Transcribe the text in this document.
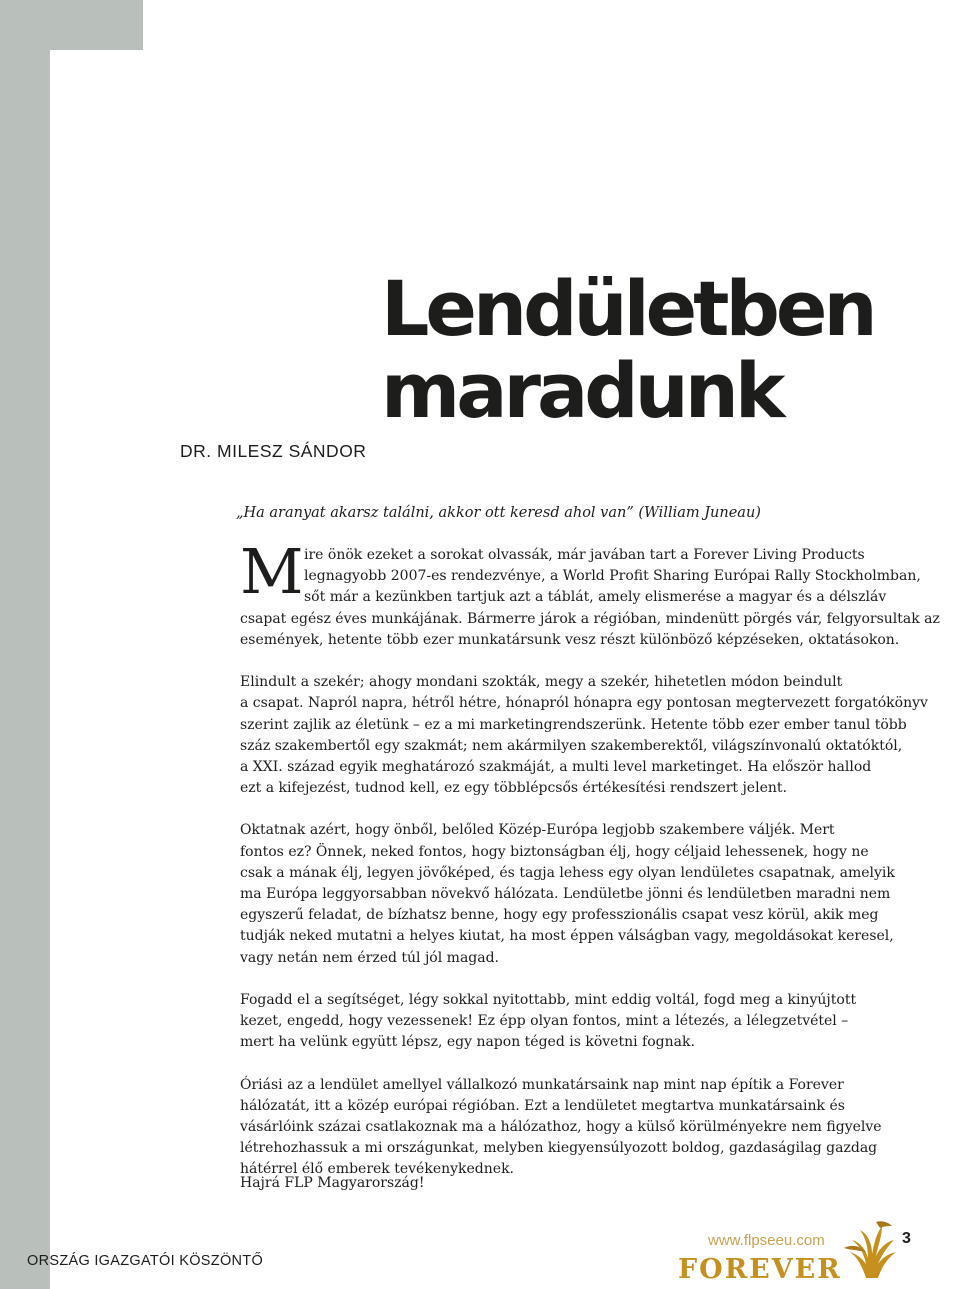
Lendületben
maradunk
DR. MILESZ SÁNDOR
„Ha aranyat akarsz találni, akkor ott keresd ahol van” (William Juneau)
M ire önök ezeket a sorokat olvassák, már javában tart a Forever Living Products
legnagyobb 2007-es rendezvénye, a World Profit Sharing Európai Rally Stockholmban,
sőt már a kezünkben tartjuk azt a táblát, amely elismerése a magyar és a délszláv
csapat egész éves munkájának. Bármerre járok a régióban, mindenütt pörgés vár, felgyorsultak az
események, hetente több ezer munkatársunk vesz részt különböző képzéseken, oktatásokon.
Elindult a szekér; ahogy mondani szokták, megy a szekér, hihetetlen módon beindult
a csapat. Napról napra, hétről hétre, hónapról hónapra egy pontosan megtervezett forgatókönyv
szerint zajlik az életünk – ez a mi marketingrendszerünk. Hetente több ezer ember tanul több
száz szakembertől egy szakmát; nem akármilyen szakemberektől, világszínvonalú oktatóktól,
a XXI. század egyik meghatározó szakmáját, a multi level marketinget. Ha először hallod
ezt a kifejezést, tudnod kell, ez egy többlépcsős értékesítési rendszert jelent.
Oktatnak azért, hogy önből, belőled Közép-Európa legjobb szakembere váljék. Mert
fontos ez? Önnek, neked fontos, hogy biztonságban élj, hogy céljaid lehessenek, hogy ne
csak a mának élj, legyen jövőképed, és tagja lehess egy olyan lendületes csapatnak, amelyik
ma Európa leggyorsabban növekvő hálózata. Lendületbe jönni és lendületben maradni nem
egyszerű feladat, de bízhatsz benne, hogy egy professzionális csapat vesz körül, akik meg
tudják neked mutatni a helyes kiutat, ha most éppen válságban vagy, megoldásokat keresel,
vagy netán nem érzed túl jól magad.
Fogadd el a segítséget, légy sokkal nyitottabb, mint eddig voltál, fogd meg a kinyújtott
kezet, engedd, hogy vezessenek! Ez épp olyan fontos, mint a létezés, a lélegzetvétel –
mert ha velünk együtt lépsz, egy napon téged is követni fognak.
Óriási az a lendület amellyel vállalkozó munkatársaink nap mint nap építik a Forever
hálózatát, itt a közép európai régióban. Ezt a lendületet megtartva munkatársaink és
vásárlóink százai csatlakoznak ma a hálózathoz, hogy a külső körülményekre nem figyelve
létrehozhassuk a mi országunkat, melyben kiegyensúlyozott boldog, gazdaságilag gazdag
hátérrel élő emberek tevékenykednek.
Hajrá FLP Magyarország!
ORSZÁG IGAZGATÓI KÖSZÖNTŐ
www.flpseeu.com	3
FOREVER
